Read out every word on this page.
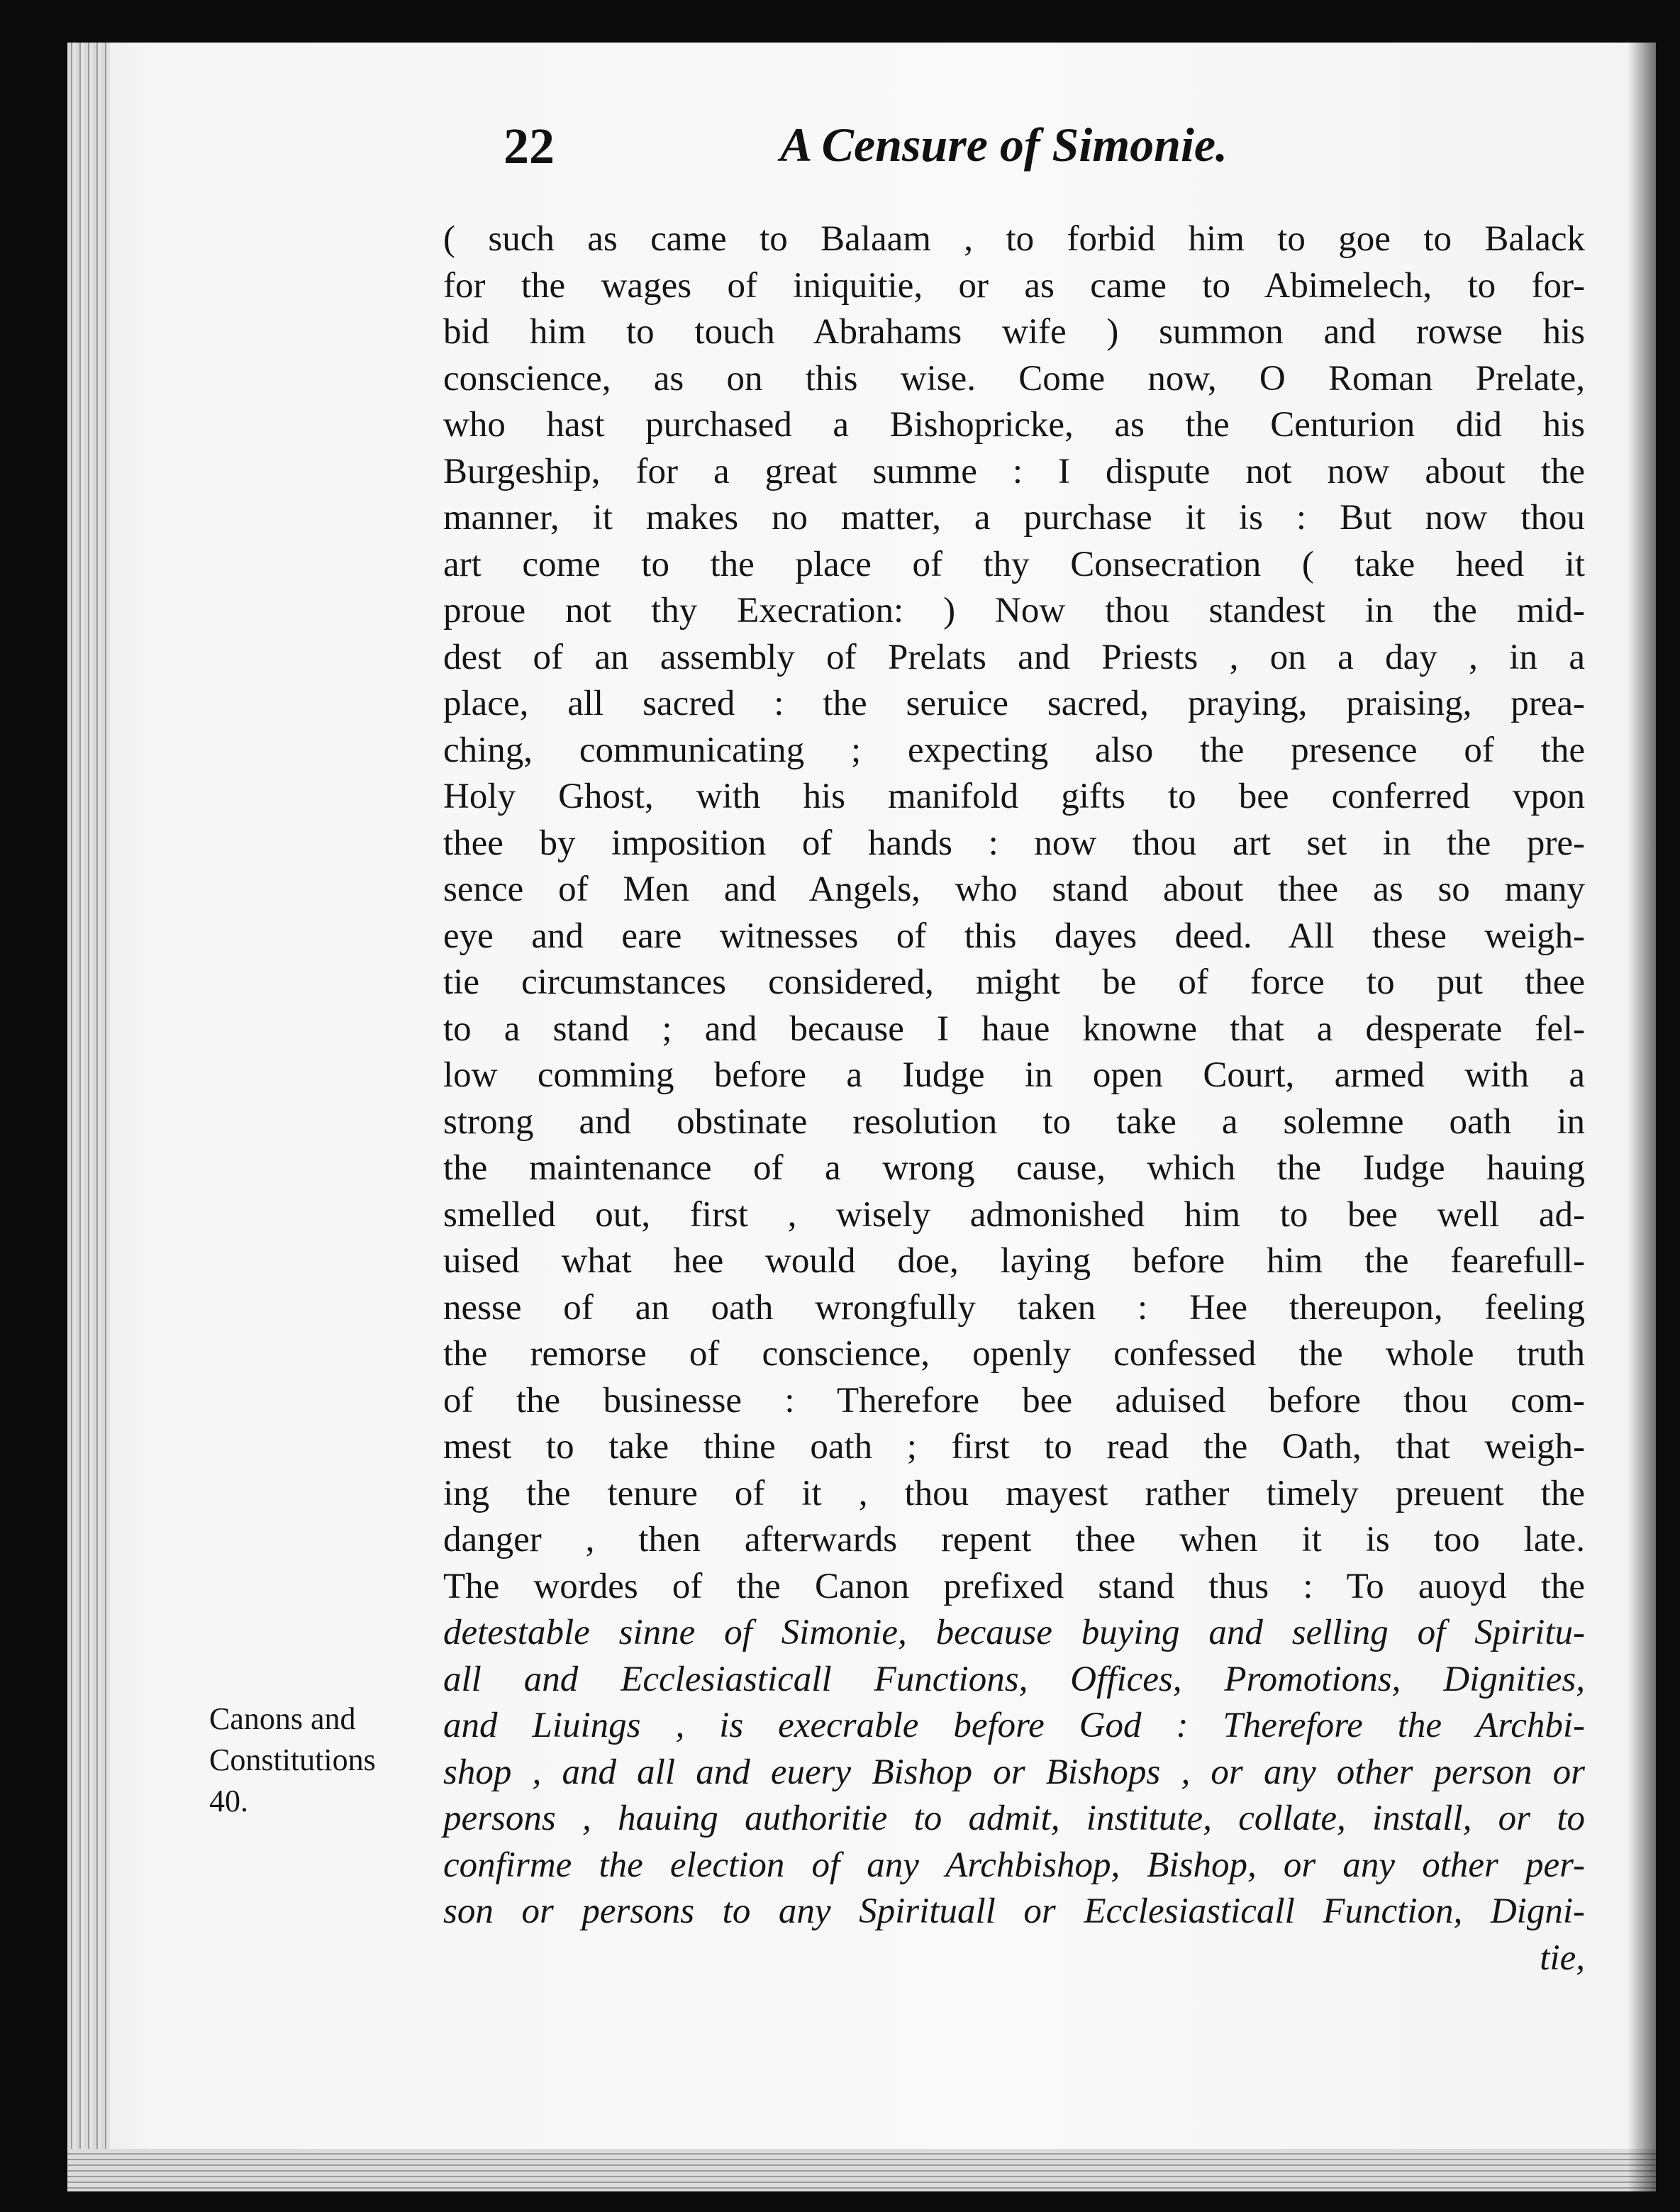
22	A Censure of Simonie.
Canons and
Constitutions
40.
( such as came to Balaam , to forbid him to goe to Balack
for the wages of iniquitie, or as came to Abimelech, to for-
bid him to touch Abrahams wife ) summon and rowse his
conscience, as on this wise. Come now, O Roman Prelate,
who hast purchased a Bishopricke, as the Centurion did his
Burgeship, for a great summe : I dispute not now about the
manner, it makes no matter, a purchase it is : But now thou
art come to the place of thy Consecration ( take heed it
proue not thy Execration: ) Now thou standest in the mid-
dest of an assembly of Prelats and Priests , on a day , in a
place, all sacred : the seruice sacred, praying, praising, prea-
ching, communicating ; expecting also the presence of the
Holy Ghost, with his manifold gifts to bee conferred vpon
thee by imposition of hands : now thou art set in the pre-
sence of Men and Angels, who stand about thee as so many
eye and eare witnesses of this dayes deed. All these weigh-
tie circumstances considered, might be of force to put thee
to a stand ; and because I haue knowne that a desperate fel-
low comming before a Iudge in open Court, armed with a
strong and obstinate resolution to take a solemne oath in
the maintenance of a wrong cause, which the Iudge hauing
smelled out, first , wisely admonished him to bee well ad-
uised what hee would doe, laying before him the fearefull-
nesse of an oath wrongfully taken : Hee thereupon, feeling
the remorse of conscience, openly confessed the whole truth
of the businesse : Therefore bee aduised before thou com-
mest to take thine oath ; first to read the Oath, that weigh-
ing the tenure of it , thou mayest rather timely preuent the
danger , then afterwards repent thee when it is too late.
The wordes of the Canon prefixed stand thus : To auoyd the
detestable sinne of Simonie, because buying and selling of Spiritu-
all and Ecclesiasticall Functions, Offices, Promotions, Dignities,
and Liuings , is execrable before God : Therefore the Archbi-
shop , and all and euery Bishop or Bishops , or any other person or
persons , hauing authoritie to admit, institute, collate, install, or to
confirme the election of any Archbishop, Bishop, or any other per-
son or persons to any Spirituall or Ecclesiasticall Function, Digni-
tie,
